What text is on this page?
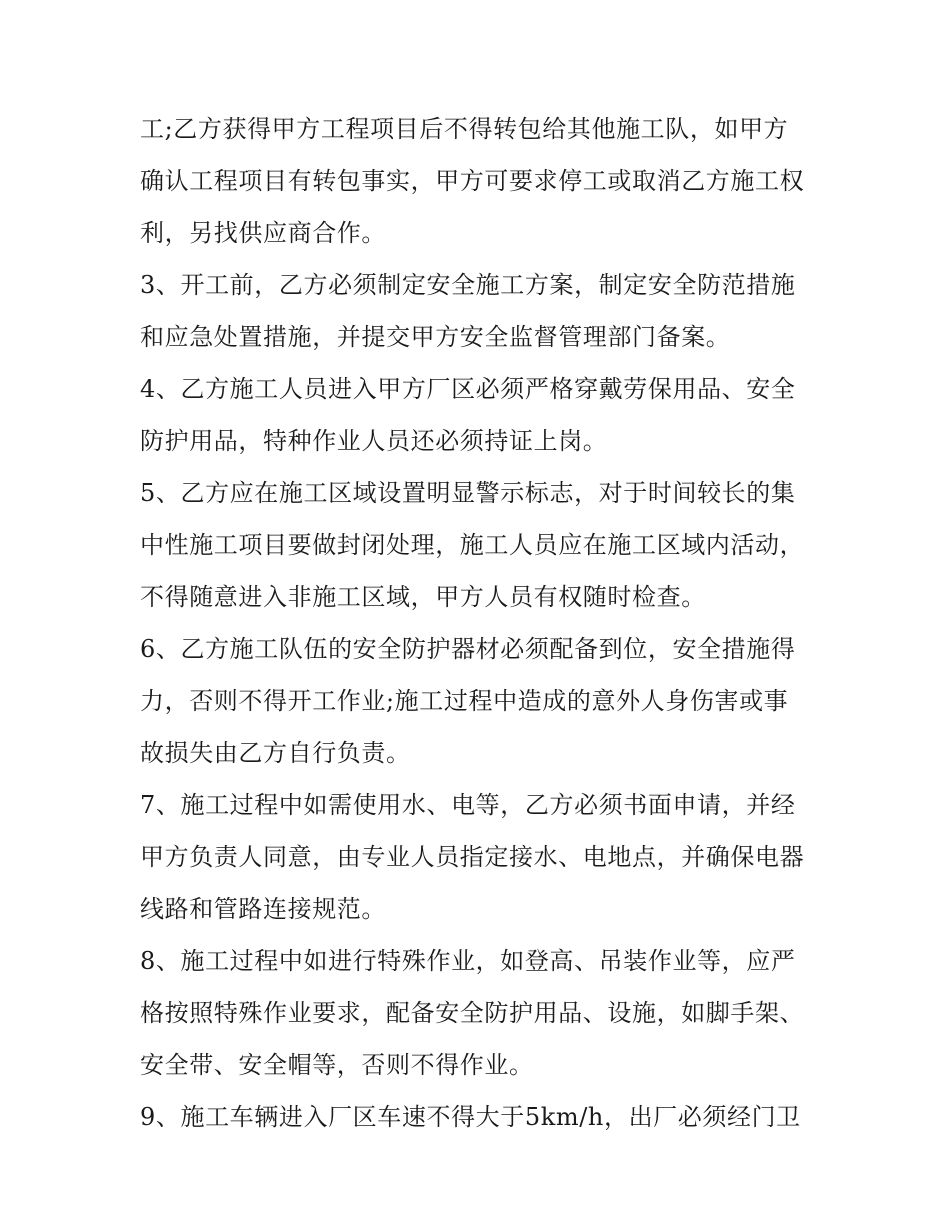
工;乙方获得甲方工程项目后不得转包给其他施工队，如甲方
确认工程项目有转包事实，甲方可要求停工或取消乙方施工权
利，另找供应商合作。
3、开工前，乙方必须制定安全施工方案，制定安全防范措施
和应急处置措施，并提交甲方安全监督管理部门备案。
4、乙方施工人员进入甲方厂区必须严格穿戴劳保用品、安全
防护用品，特种作业人员还必须持证上岗。
5、乙方应在施工区域设置明显警示标志，对于时间较长的集
中性施工项目要做封闭处理，施工人员应在施工区域内活动，
不得随意进入非施工区域，甲方人员有权随时检查。
6、乙方施工队伍的安全防护器材必须配备到位，安全措施得
力，否则不得开工作业;施工过程中造成的意外人身伤害或事
故损失由乙方自行负责。
7、施工过程中如需使用水、电等，乙方必须书面申请，并经
甲方负责人同意，由专业人员指定接水、电地点，并确保电器
线路和管路连接规范。
8、施工过程中如进行特殊作业，如登高、吊装作业等，应严
格按照特殊作业要求，配备安全防护用品、设施，如脚手架、
安全带、安全帽等，否则不得作业。
9、施工车辆进入厂区车速不得大于5km/h，出厂必须经门卫
